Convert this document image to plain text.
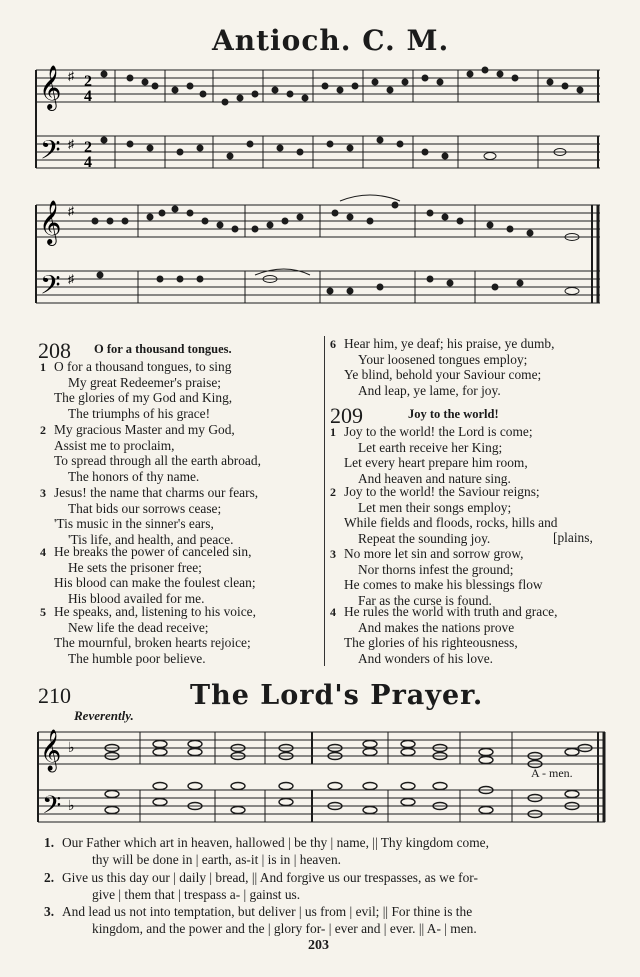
Antioch. C. M.
𝄞
𝄢
2
4
2
4
♯
♯
𝄞
𝄢
♯
♯
208 O for a thousand tongues.
1 O for a thousand tongues, to sing
My great Redeemer's praise;
The glories of my God and King,
The triumphs of his grace!
2 My gracious Master and my God,
Assist me to proclaim,
To spread through all the earth abroad,
The honors of thy name.
3 Jesus! the name that charms our fears,
That bids our sorrows cease;
'Tis music in the sinner's ears,
'Tis life, and health, and peace.
4 He breaks the power of canceled sin,
He sets the prisoner free;
His blood can make the foulest clean;
His blood availed for me.
5 He speaks, and, listening to his voice,
New life the dead receive;
The mournful, broken hearts rejoice;
The humble poor believe.
6 Hear him, ye deaf; his praise, ye dumb,
Your loosened tongues employ;
Ye blind, behold your Saviour come;
And leap, ye lame, for joy.
209	Joy to the world!
1 Joy to the world! the Lord is come;
Let earth receive her King;
Let every heart prepare him room,
And heaven and nature sing.
2 Joy to the world! the Saviour reigns;
Let men their songs employ;
While fields and floods, rocks, hills and
Repeat the sounding joy.	[plains,
3 No more let sin and sorrow grow,
Nor thorns infest the ground;
He comes to make his blessings flow
Far as the curse is found.
4 He rules the world with truth and grace,
And makes the nations prove
The glories of his righteousness,
And wonders of his love.
210	The Lord's Prayer.
Reverently.
𝄞
𝄢
♭
♭
A - men.
1. Our Father which art in heaven, hallowed | be thy | name, || Thy kingdom come,
thy will be done in | earth, as-it | is in | heaven.
2. Give us this day our | daily | bread, || And forgive us our trespasses, as we for-
give | them that | trespass a- | gainst us.
3. And lead us not into temptation, but deliver | us from | evil; || For thine is the
kingdom, and the power and the | glory for- | ever and | ever. || A- | men.
203
